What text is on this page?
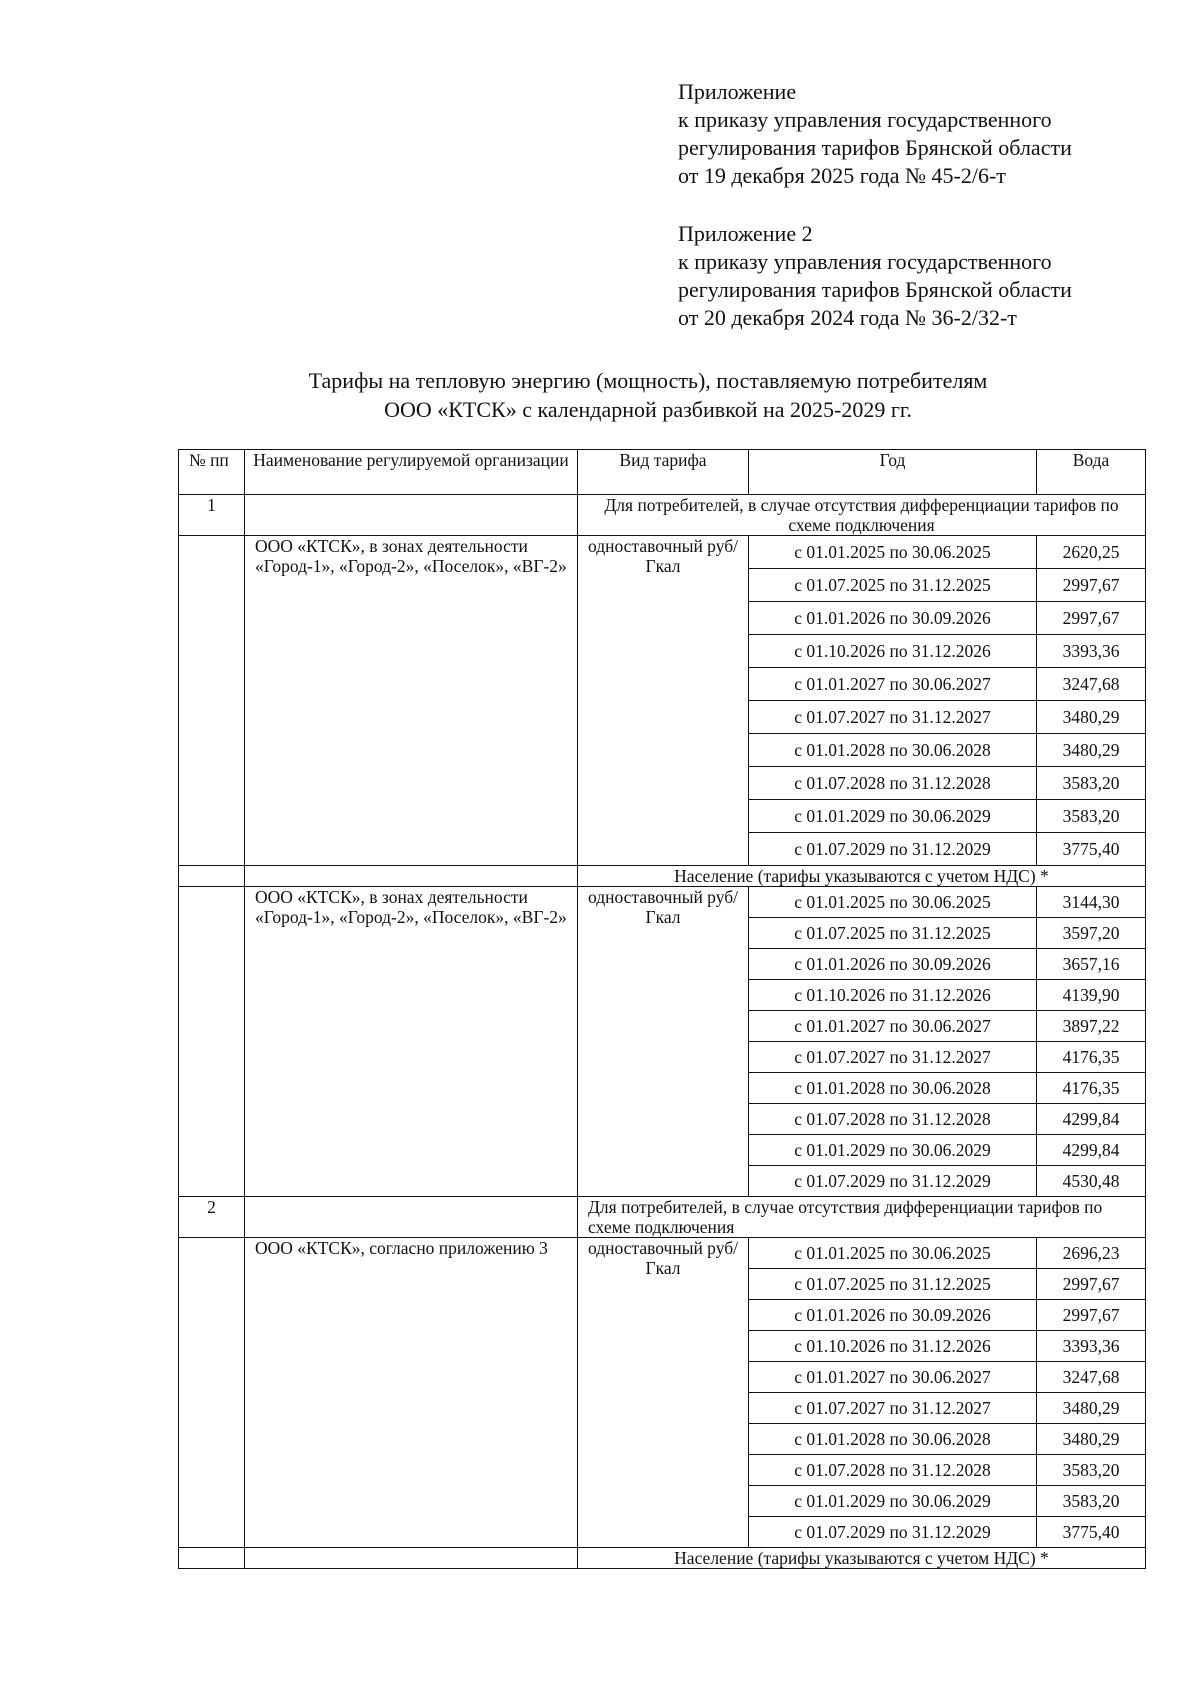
Приложение
к приказу управления государственного
регулирования тарифов Брянской области
от 19 декабря 2025 года № 45-2/6-т
Приложение 2
к приказу управления государственного
регулирования тарифов Брянской области
от 20 декабря 2024 года № 36-2/32-т
Тарифы на тепловую энергию (мощность), поставляемую потребителям
ООО «КТСК» с календарной разбивкой на 2025-2029 гг.
№ пп	Наименование регулируемой организации	Вид тарифа	Год	Вода
1		Для потребителей, в случае отсутствия дифференциации тарифов по схеме подключения		
	ООО «КТСК», в зонах деятельности «Город-1», «Город-2», «Поселок», «ВГ-2»	одноставочный руб/Гкал	с 01.01.2025 по 30.06.2025	2620,25
			с 01.07.2025 по 31.12.2025	2997,67
			с 01.01.2026 по 30.09.2026	2997,67
			с 01.10.2026 по 31.12.2026	3393,36
			с 01.01.2027 по 30.06.2027	3247,68
			с 01.07.2027 по 31.12.2027	3480,29
			с 01.01.2028 по 30.06.2028	3480,29
			с 01.07.2028 по 31.12.2028	3583,20
			с 01.01.2029 по 30.06.2029	3583,20
			с 01.07.2029 по 31.12.2029	3775,40
		Население (тарифы указываются с учетом НДС) *		
	ООО «КТСК», в зонах деятельности «Город-1», «Город-2», «Поселок», «ВГ-2»	одноставочный руб/Гкал	с 01.01.2025 по 30.06.2025	3144,30
			с 01.07.2025 по 31.12.2025	3597,20
			с 01.01.2026 по 30.09.2026	3657,16
			с 01.10.2026 по 31.12.2026	4139,90
			с 01.01.2027 по 30.06.2027	3897,22
			с 01.07.2027 по 31.12.2027	4176,35
			с 01.01.2028 по 30.06.2028	4176,35
			с 01.07.2028 по 31.12.2028	4299,84
			с 01.01.2029 по 30.06.2029	4299,84
			с 01.07.2029 по 31.12.2029	4530,48
2		Для потребителей, в случае отсутствия дифференциации тарифов по схеме подключения		
	ООО «КТСК», согласно приложению 3	одноставочный руб/Гкал	с 01.01.2025 по 30.06.2025	2696,23
			с 01.07.2025 по 31.12.2025	2997,67
			с 01.01.2026 по 30.09.2026	2997,67
			с 01.10.2026 по 31.12.2026	3393,36
			с 01.01.2027 по 30.06.2027	3247,68
			с 01.07.2027 по 31.12.2027	3480,29
			с 01.01.2028 по 30.06.2028	3480,29
			с 01.07.2028 по 31.12.2028	3583,20
			с 01.01.2029 по 30.06.2029	3583,20
			с 01.07.2029 по 31.12.2029	3775,40
		Население (тарифы указываются с учетом НДС) *		
